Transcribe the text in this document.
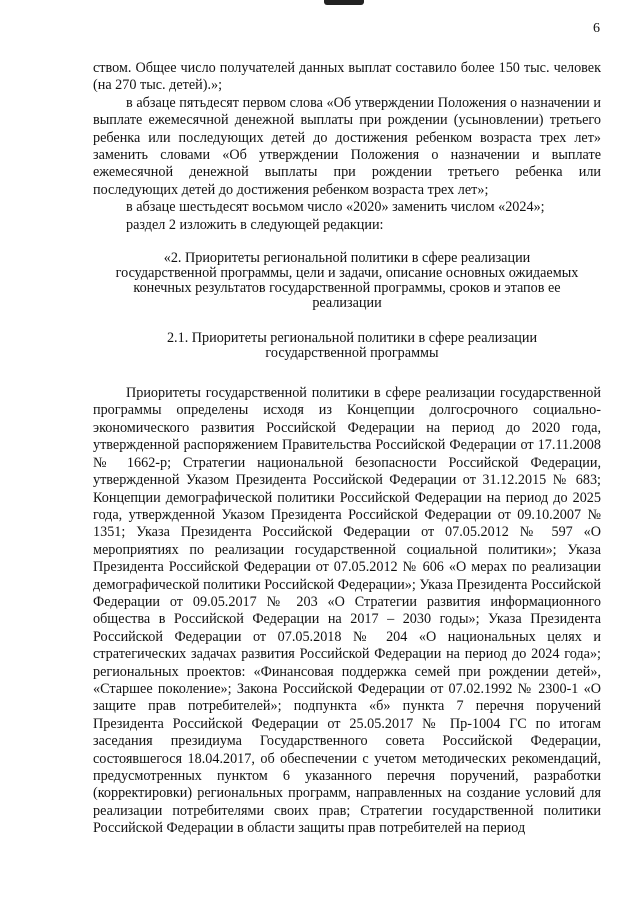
6

ством. Общее число получателей данных выплат составило более 150 тыс. человек (на 270 тыс. детей).»;

в абзаце пятьдесят первом слова «Об утверждении Положения о назначении и выплате ежемесячной денежной выплаты при рождении (усыновлении) третьего ребенка или последующих детей до достижения ребенком возраста трех лет» заменить словами «Об утверждении Положения о назначении и выплате ежемесячной денежной выплаты при рождении третьего ребенка или последующих детей до достижения ребенком возраста трех лет»;

в абзаце шестьдесят восьмом число «2020» заменить числом «2024»;

раздел 2 изложить в следующей редакции:

«2. Приоритеты региональной политики в сфере реализации государственной программы, цели и задачи, описание основных ожидаемых конечных результатов государственной программы, сроков и этапов ее реализации

2.1. Приоритеты региональной политики в сфере реализации государственной программы

Приоритеты государственной политики в сфере реализации государственной программы определены исходя из Концепции долгосрочного социально-экономического развития Российской Федерации на период до 2020 года, утвержденной распоряжением Правительства Российской Федерации от 17.11.2008 № 1662-р; Стратегии национальной безопасности Российской Федерации, утвержденной Указом Президента Российской Федерации от 31.12.2015 № 683; Концепции демографической политики Российской Федерации на период до 2025 года, утвержденной Указом Президента Российской Федерации от 09.10.2007 № 1351; Указа Президента Российской Федерации от 07.05.2012 № 597 «О мероприятиях по реализации государственной социальной политики»; Указа Президента Российской Федерации от 07.05.2012 № 606 «О мерах по реализации демографической политики Российской Федерации»; Указа Президента Российской Федерации от 09.05.2017 № 203 «О Стратегии развития информационного общества в Российской Федерации на 2017 – 2030 годы»; Указа Президента Российской Федерации от 07.05.2018 № 204 «О национальных целях и стратегических задачах развития Российской Федерации на период до 2024 года»; региональных проектов: «Финансовая поддержка семей при рождении детей», «Старшее поколение»; Закона Российской Федерации от 07.02.1992 № 2300-1 «О защите прав потребителей»; подпункта «б» пункта 7 перечня поручений Президента Российской Федерации от 25.05.2017 № Пр-1004 ГС по итогам заседания президиума Государственного совета Российской Федерации, состоявшегося 18.04.2017, об обеспечении с учетом методических рекомендаций, предусмотренных пунктом 6 указанного перечня поручений, разработки (корректировки) региональных программ, направленных на создание условий для реализации потребителями своих прав; Стратегии государственной политики Российской Федерации в области защиты прав потребителей на период
